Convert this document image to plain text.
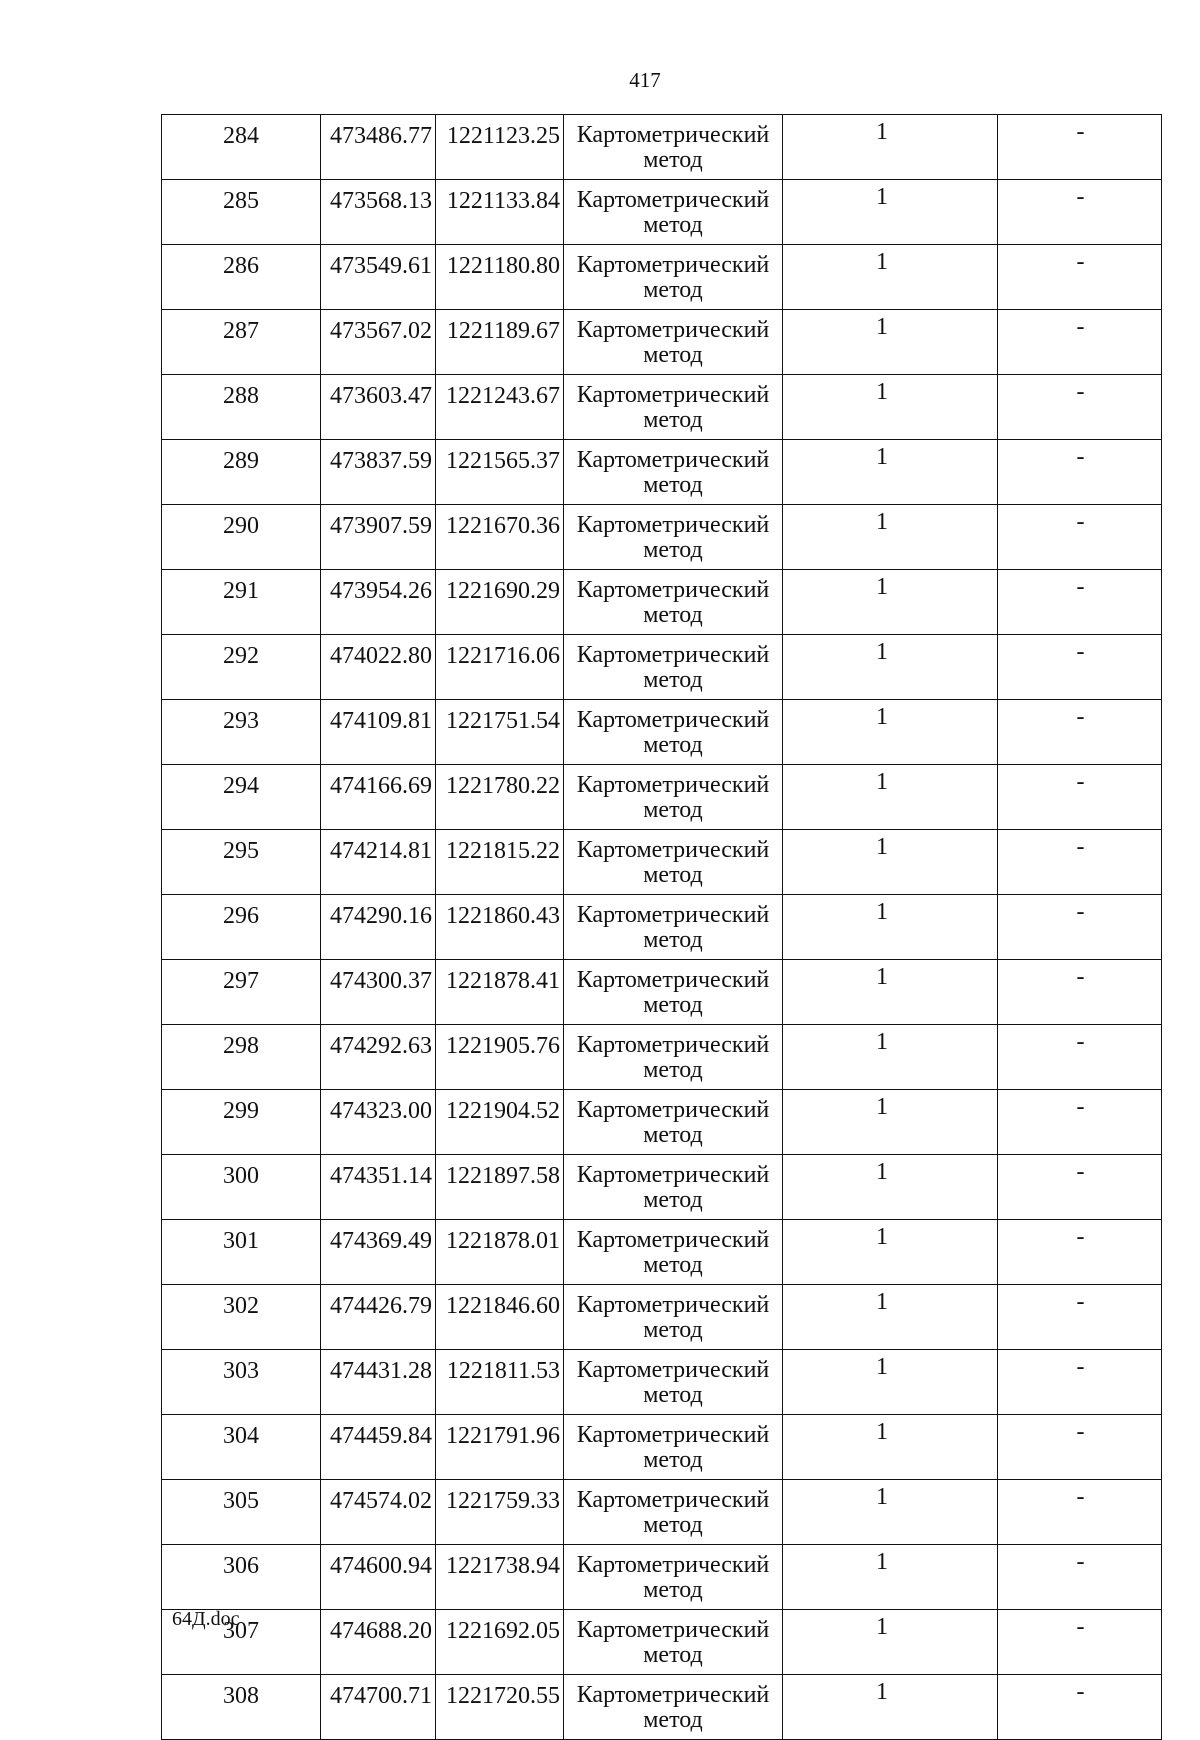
417
284	473486.77	1221123.25	Картометрический метод	1	-
285	473568.13	1221133.84	Картометрический метод	1	-
286	473549.61	1221180.80	Картометрический метод	1	-
287	473567.02	1221189.67	Картометрический метод	1	-
288	473603.47	1221243.67	Картометрический метод	1	-
289	473837.59	1221565.37	Картометрический метод	1	-
290	473907.59	1221670.36	Картометрический метод	1	-
291	473954.26	1221690.29	Картометрический метод	1	-
292	474022.80	1221716.06	Картометрический метод	1	-
293	474109.81	1221751.54	Картометрический метод	1	-
294	474166.69	1221780.22	Картометрический метод	1	-
295	474214.81	1221815.22	Картометрический метод	1	-
296	474290.16	1221860.43	Картометрический метод	1	-
297	474300.37	1221878.41	Картометрический метод	1	-
298	474292.63	1221905.76	Картометрический метод	1	-
299	474323.00	1221904.52	Картометрический метод	1	-
300	474351.14	1221897.58	Картометрический метод	1	-
301	474369.49	1221878.01	Картометрический метод	1	-
302	474426.79	1221846.60	Картометрический метод	1	-
303	474431.28	1221811.53	Картометрический метод	1	-
304	474459.84	1221791.96	Картометрический метод	1	-
305	474574.02	1221759.33	Картометрический метод	1	-
306	474600.94	1221738.94	Картометрический метод	1	-
307	474688.20	1221692.05	Картометрический метод	1	-
308	474700.71	1221720.55	Картометрический метод	1	-
64Д.doc
